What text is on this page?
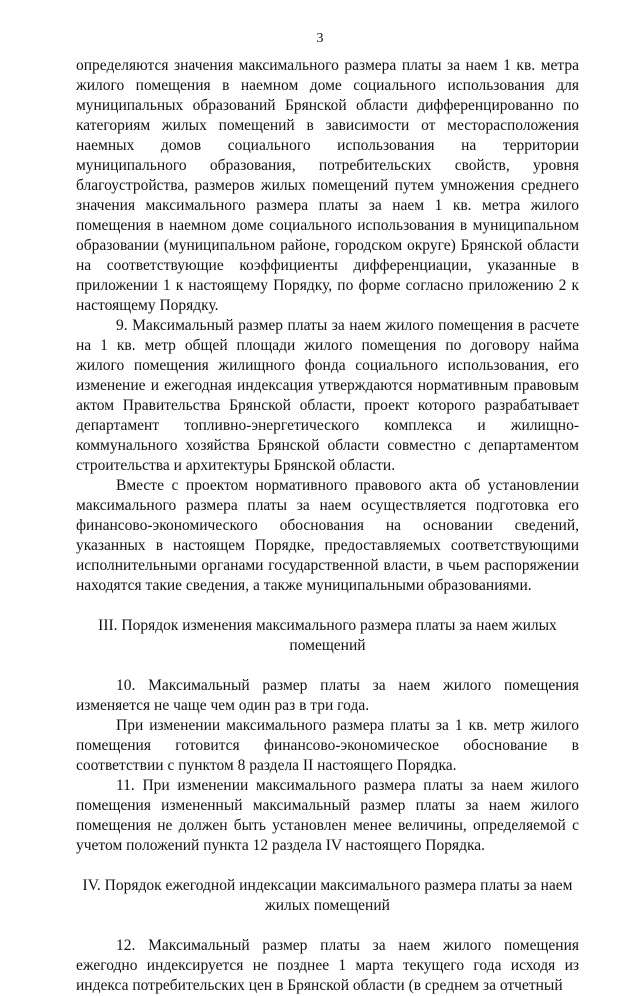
3

определяются значения максимального размера платы за наем 1 кв. метра жилого помещения в наемном доме социального использования для муниципальных образований Брянской области дифференцированно по категориям жилых помещений в зависимости от месторасположения наемных домов социального использования на территории муниципального образования, потребительских свойств, уровня благоустройства, размеров жилых помещений путем умножения среднего значения максимального размера платы за наем 1 кв. метра жилого помещения в наемном доме социального использования в муниципальном образовании (муниципальном районе, городском округе) Брянской области на соответствующие коэффициенты дифференциации, указанные в приложении 1 к настоящему Порядку, по форме согласно приложению 2 к настоящему Порядку.

9. Максимальный размер платы за наем жилого помещения в расчете на 1 кв. метр общей площади жилого помещения по договору найма жилого помещения жилищного фонда социального использования, его изменение и ежегодная индексация утверждаются нормативным правовым актом Правительства Брянской области, проект которого разрабатывает департамент топливно-энергетического комплекса и жилищно-коммунального хозяйства Брянской области совместно с департаментом строительства и архитектуры Брянской области.

Вместе с проектом нормативного правового акта об установлении максимального размера платы за наем осуществляется подготовка его финансово-экономического обоснования на основании сведений, указанных в настоящем Порядке, предоставляемых соответствующими исполнительными органами государственной власти, в чьем распоряжении находятся такие сведения, а также муниципальными образованиями.

III. Порядок изменения максимального размера платы за наем жилых помещений

10. Максимальный размер платы за наем жилого помещения изменяется не чаще чем один раз в три года.

При изменении максимального размера платы за 1 кв. метр жилого помещения готовится финансово-экономическое обоснование в соответствии с пунктом 8 раздела II настоящего Порядка.

11. При изменении максимального размера платы за наем жилого помещения измененный максимальный размер платы за наем жилого помещения не должен быть установлен менее величины, определяемой с учетом положений пункта 12 раздела IV настоящего Порядка.

IV. Порядок ежегодной индексации максимального размера платы за наем жилых помещений

12. Максимальный размер платы за наем жилого помещения ежегодно индексируется не позднее 1 марта текущего года исходя из индекса потребительских цен в Брянской области (в среднем за отчетный
